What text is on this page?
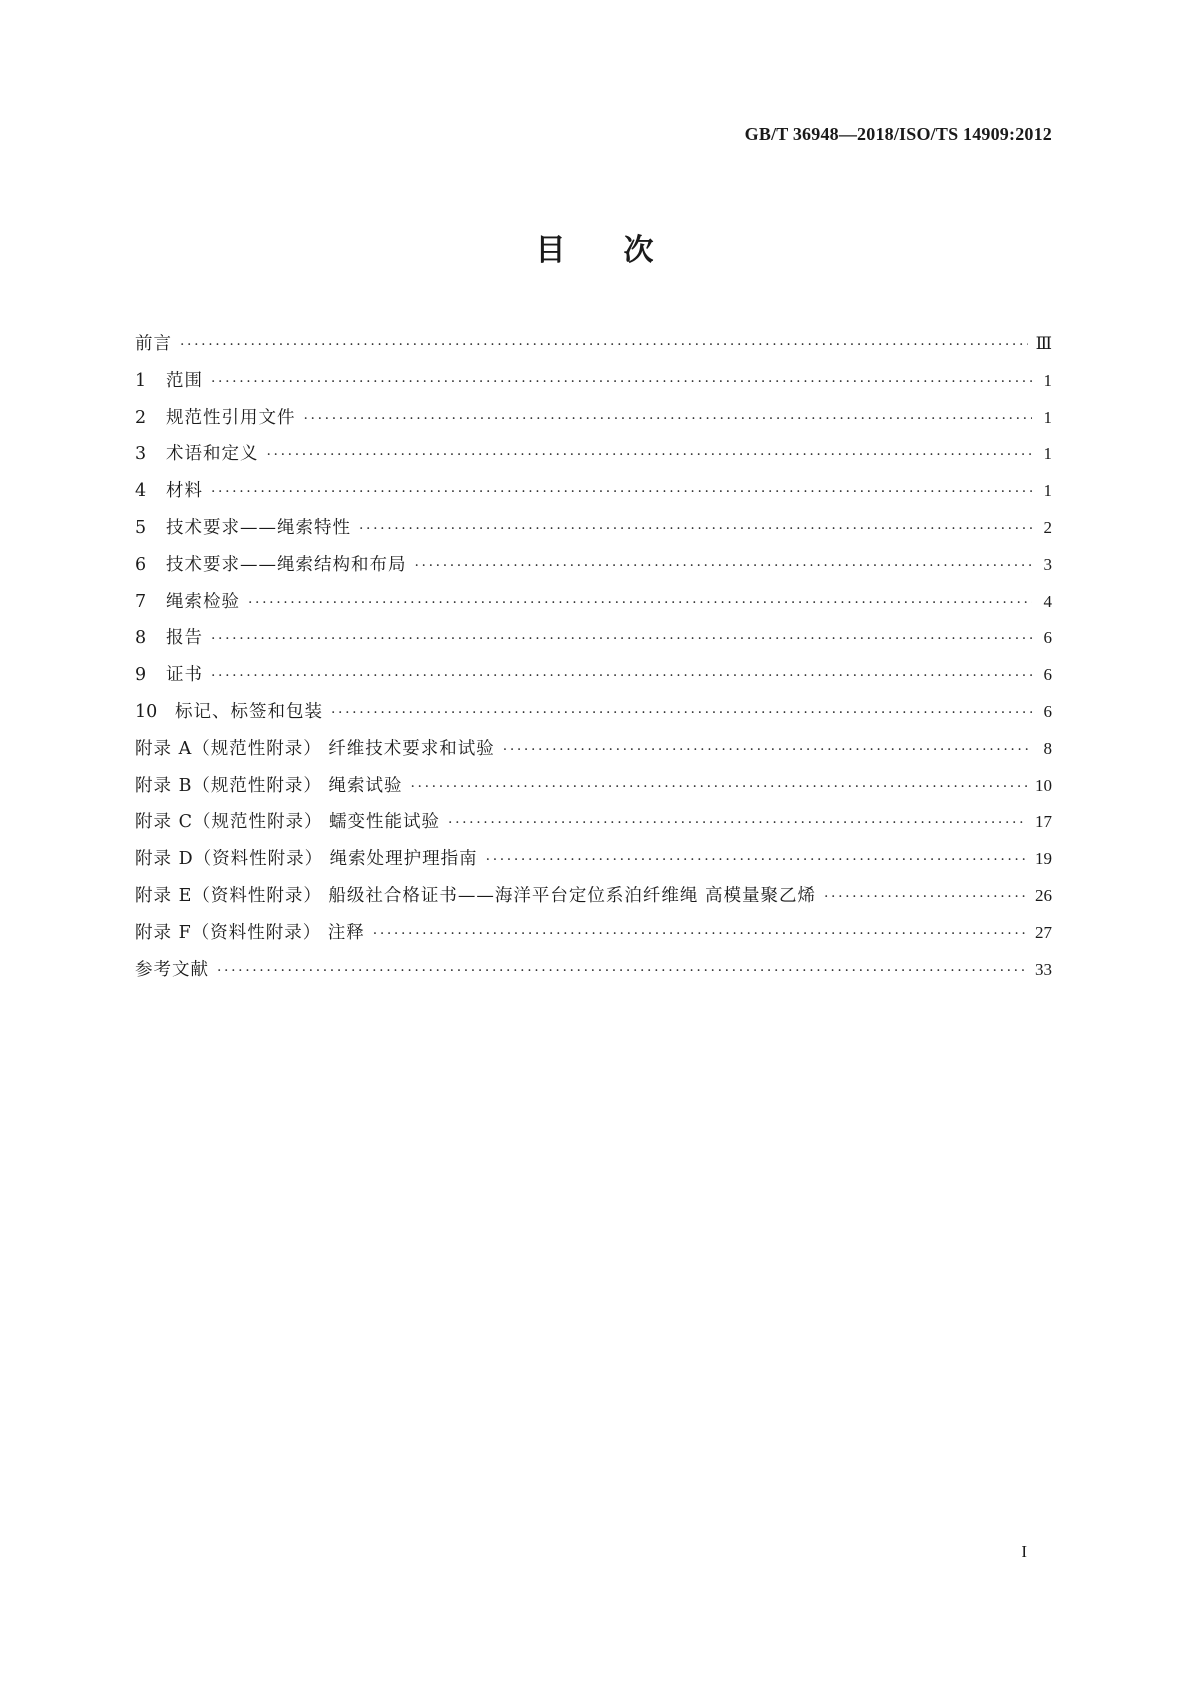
GB/T 36948—2018/ISO/TS 14909:2012
目 次
前言 ·····	Ⅲ
1	范围 ·····	1
2	规范性引用文件 ·····	1
3	术语和定义 ·····	1
4	材料 ·····	1
5	技术要求——绳索特性 ·····	2
6	技术要求——绳索结构和布局 ·····	3
7	绳索检验 ·····	4
8	报告 ·····	6
9	证书 ·····	6
10	标记、标签和包装 ·····	6
附录 A（规范性附录） 纤维技术要求和试验 ·····	8
附录 B（规范性附录） 绳索试验 ·····	10
附录 C（规范性附录） 蠕变性能试验 ·····	17
附录 D（资料性附录） 绳索处理护理指南 ·····	19
附录 E（资料性附录） 船级社合格证书——海洋平台定位系泊纤维绳 高模量聚乙烯 ·····	26
附录 F（资料性附录） 注释 ·····	27
参考文献 ·····	33
I
